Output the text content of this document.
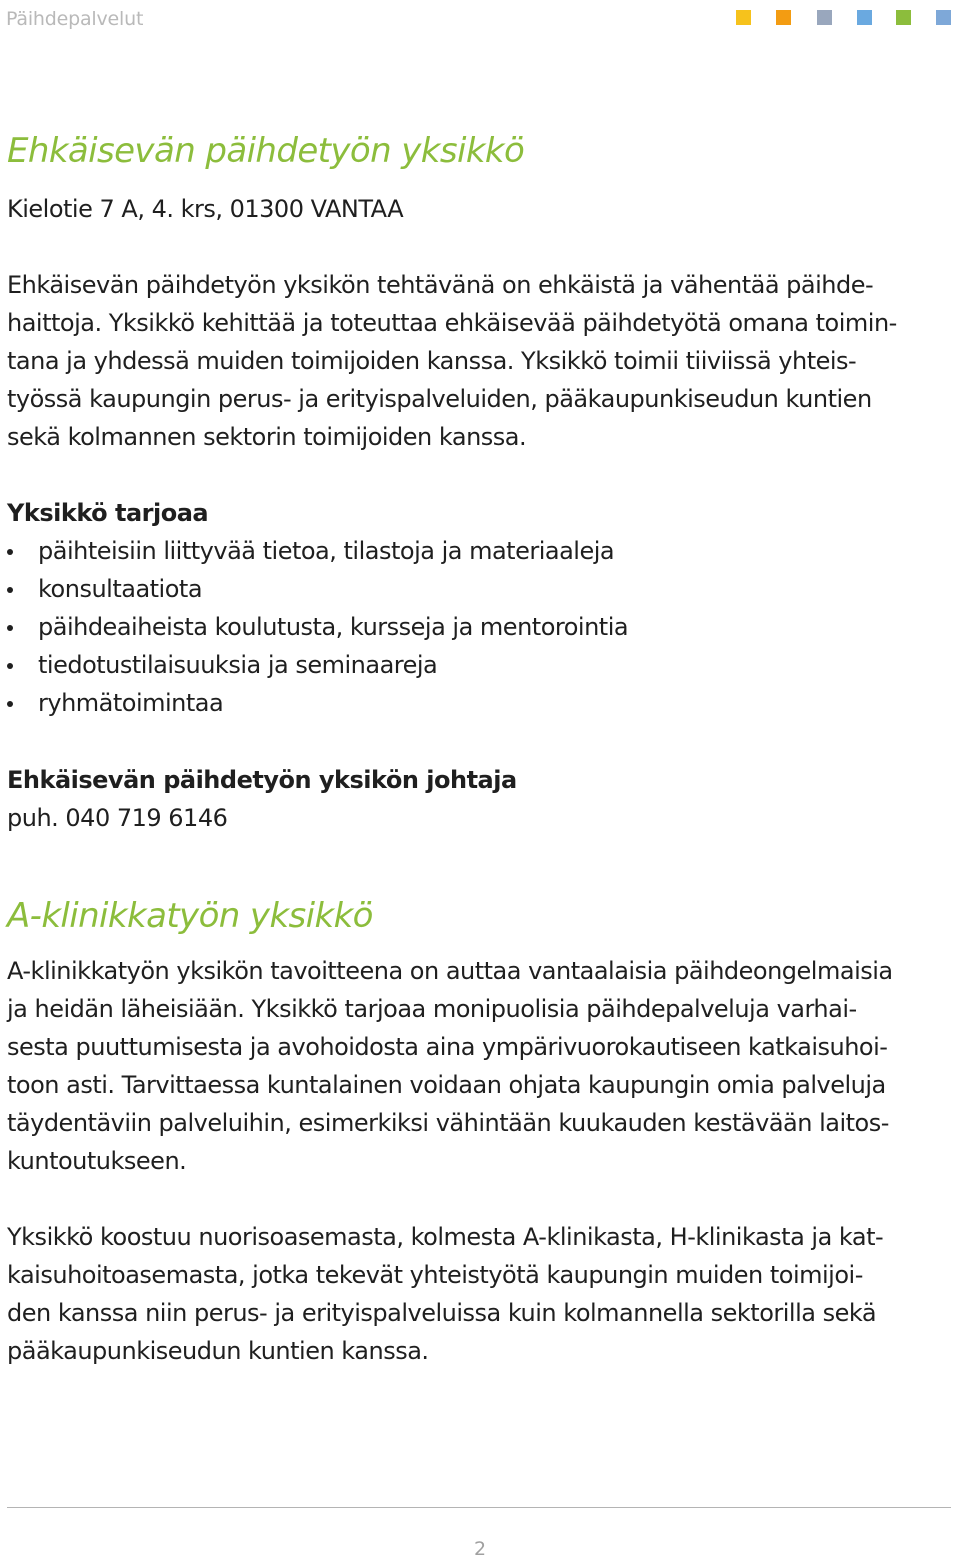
Päihdepalvelut
Ehkäisevän päihdetyön yksikkö
Kielotie 7 A, 4. krs, 01300 VANTAA
Ehkäisevän päihdetyön yksikön tehtävänä on ehkäistä ja vähentää päihde-
haittoja. Yksikkö kehittää ja toteuttaa ehkäisevää päihdetyötä omana toimin-
tana ja yhdessä muiden toimijoiden kanssa. Yksikkö toimii tiiviissä yhteis-
työssä kaupungin perus- ja erityispalveluiden, pääkaupunkiseudun kuntien
sekä kolmannen sektorin toimijoiden kanssa.
Yksikkö tarjoaa
päihteisiin liittyvää tietoa, tilastoja ja materiaaleja
konsultaatiota
päihdeaiheista koulutusta, kursseja ja mentorointia
tiedotustilaisuuksia ja seminaareja
ryhmätoimintaa
Ehkäisevän päihdetyön yksikön johtaja
puh. 040 719 6146
A-klinikkatyön yksikkö
A-klinikkatyön yksikön tavoitteena on auttaa vantaalaisia päihdeongelmaisia
ja heidän läheisiään. Yksikkö tarjoaa monipuolisia päihdepalveluja varhai-
sesta puuttumisesta ja avohoidosta aina ympärivuorokautiseen katkaisuhoi-
toon asti. Tarvittaessa kuntalainen voidaan ohjata kaupungin omia palveluja
täydentäviin palveluihin, esimerkiksi vähintään kuukauden kestävään laitos-
kuntoutukseen.
Yksikkö koostuu nuorisoasemasta, kolmesta A-klinikasta, H-klinikasta ja kat-
kaisuhoitoasemasta, jotka tekevät yhteistyötä kaupungin muiden toimijoi-
den kanssa niin perus- ja erityispalveluissa kuin kolmannella sektorilla sekä
pääkaupunkiseudun kuntien kanssa.
2
